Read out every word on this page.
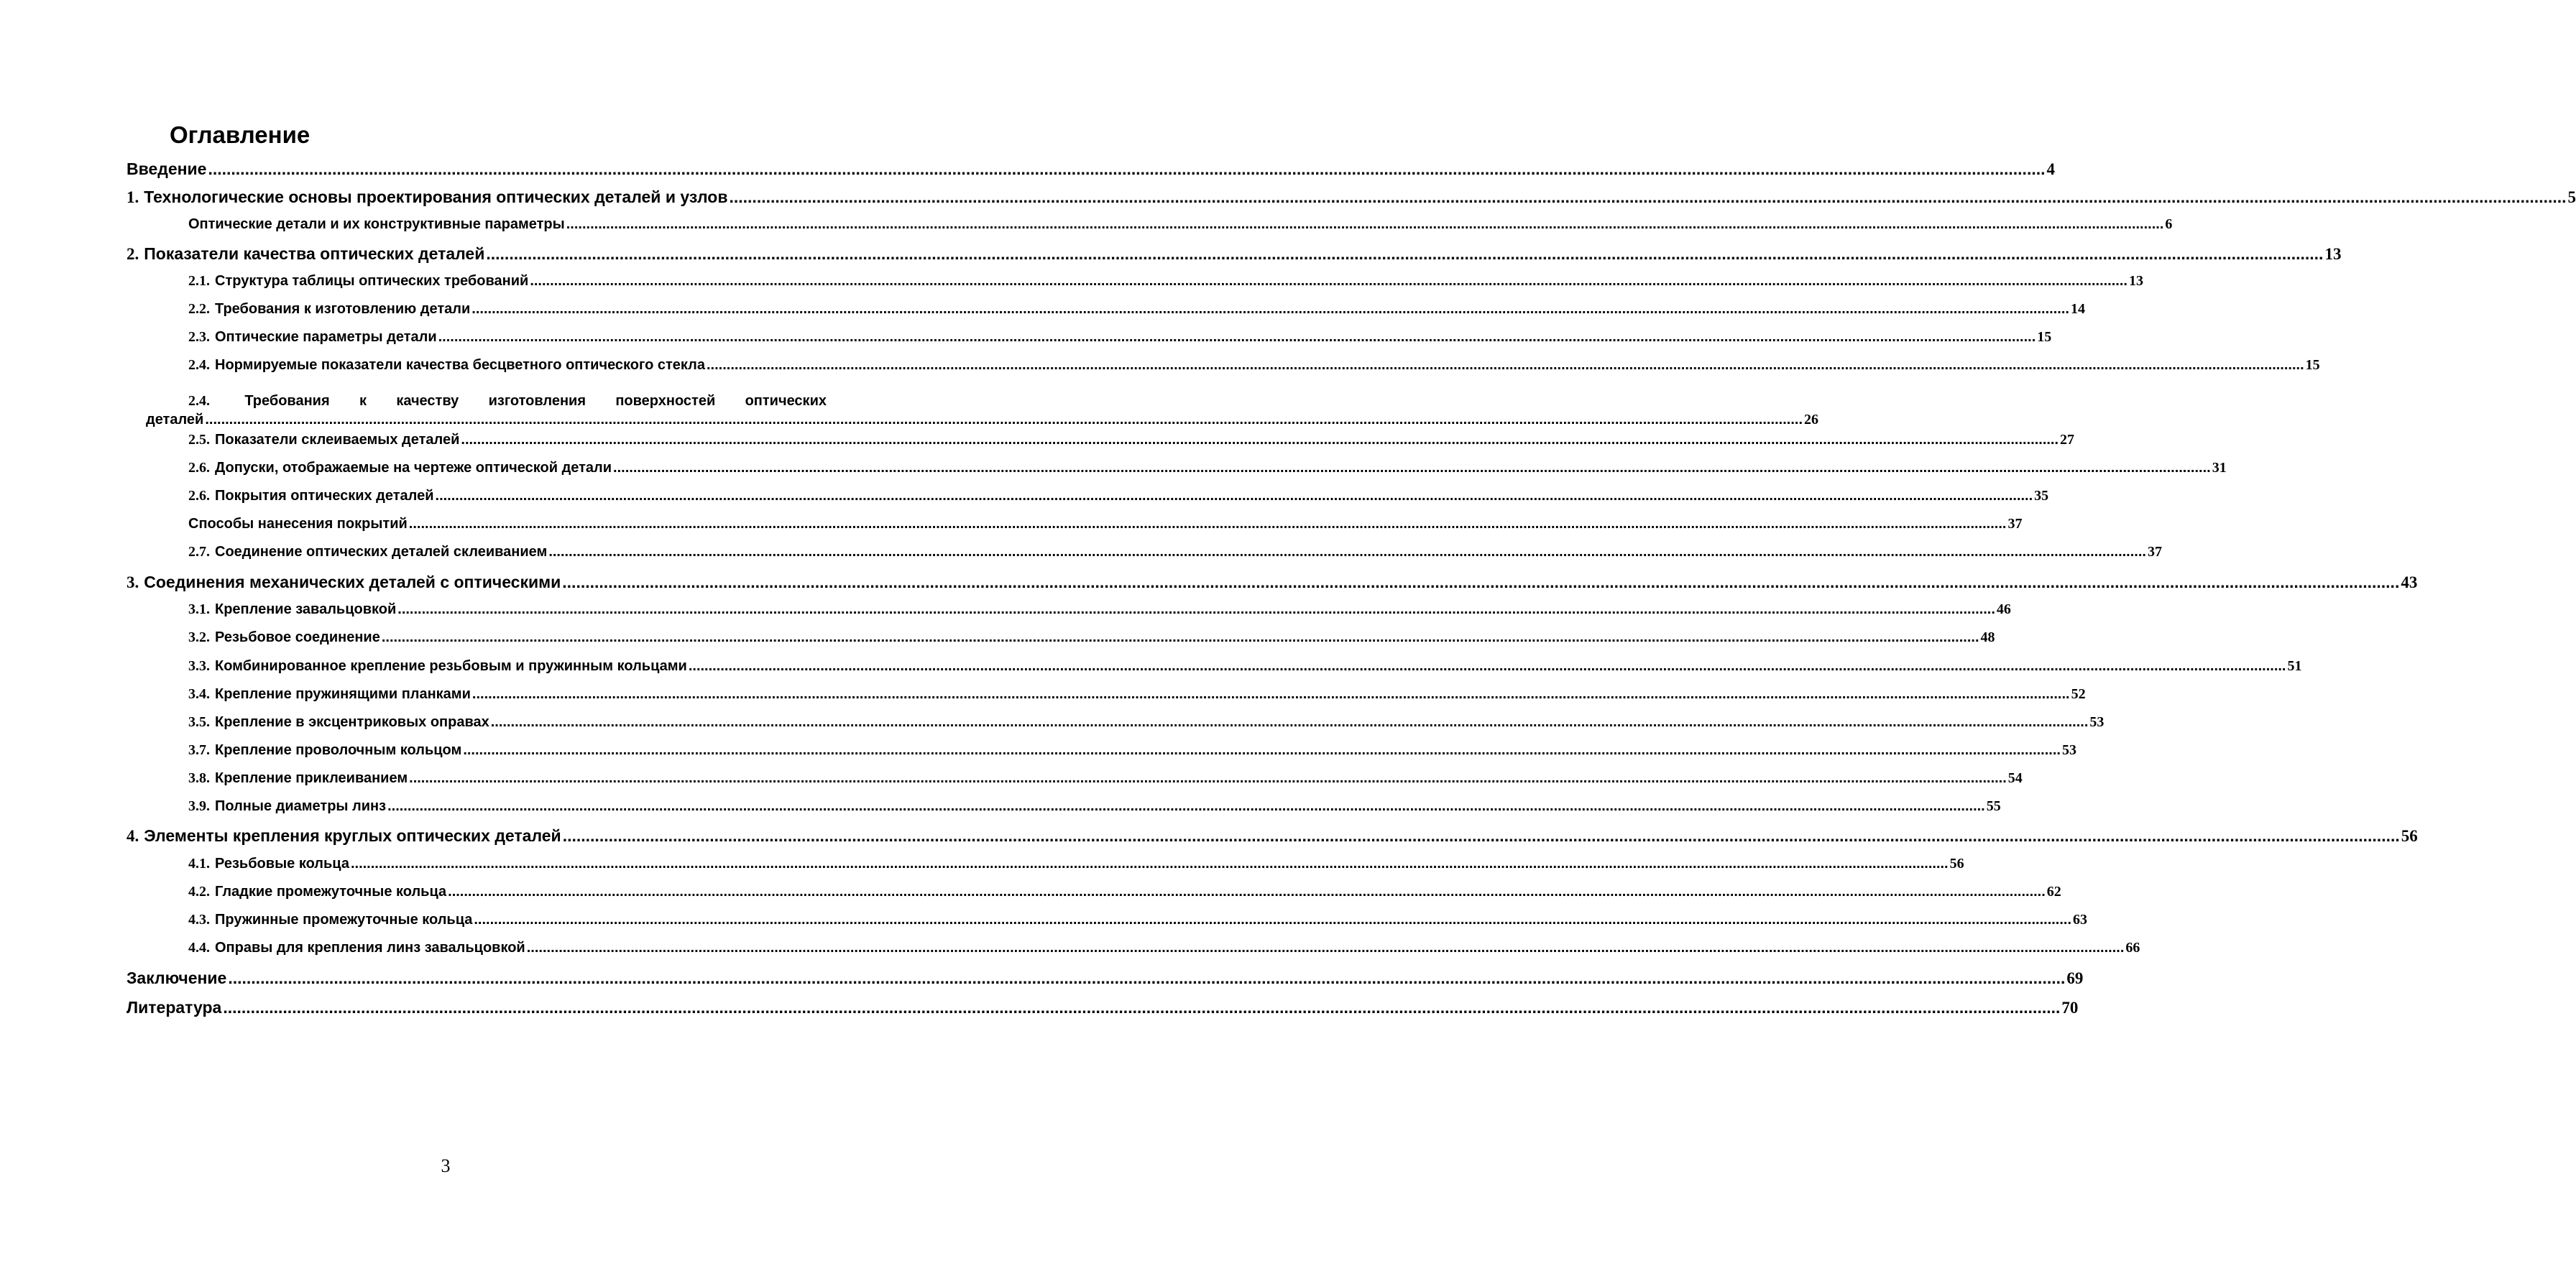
Оглавление
Введение ................................................................................................................................................................................................................................................................................................................................................................................................................ 4
1. Технологические основы проектирования оптических деталей и узлов ................................................................................................................................................................................................................................................................................................................................................................................................................ 5
Оптические детали и их конструктивные параметры ................................................................................................................................................................................................................................................................................................................................................................................................................ 6
2. Показатели качества оптических деталей ................................................................................................................................................................................................................................................................................................................................................................................................................ 13
2.1. Структура таблицы оптических требований ................................................................................................................................................................................................................................................................................................................................................................................................................ 13
2.2. Требования к изготовлению детали ................................................................................................................................................................................................................................................................................................................................................................................................................ 14
2.3. Оптические параметры детали ................................................................................................................................................................................................................................................................................................................................................................................................................ 15
2.4. Нормируемые показатели качества бесцветного оптического стекла ................................................................................................................................................................................................................................................................................................................................................................................................................ 15
2.4. Требования к качеству изготовления поверхностей оптических
деталей ................................................................................................................................................................................................................................................................................................................................................................................................................ 26
2.5. Показатели склеиваемых деталей ................................................................................................................................................................................................................................................................................................................................................................................................................ 27
2.6. Допуски, отображаемые на чертеже оптической детали ................................................................................................................................................................................................................................................................................................................................................................................................................ 31
2.6. Покрытия оптических деталей ................................................................................................................................................................................................................................................................................................................................................................................................................ 35
Способы нанесения покрытий ................................................................................................................................................................................................................................................................................................................................................................................................................ 37
2.7. Соединение оптических деталей склеиванием ................................................................................................................................................................................................................................................................................................................................................................................................................ 37
3. Соединения механических деталей с оптическими ................................................................................................................................................................................................................................................................................................................................................................................................................ 43
3.1. Крепление завальцовкой ................................................................................................................................................................................................................................................................................................................................................................................................................ 46
3.2. Резьбовое соединение ................................................................................................................................................................................................................................................................................................................................................................................................................ 48
3.3. Комбинированное крепление резьбовым и пружинным кольцами ................................................................................................................................................................................................................................................................................................................................................................................................................ 51
3.4. Крепление пружинящими планками ................................................................................................................................................................................................................................................................................................................................................................................................................ 52
3.5. Крепление в эксцентриковых оправах ................................................................................................................................................................................................................................................................................................................................................................................................................ 53
3.7. Крепление проволочным кольцом ................................................................................................................................................................................................................................................................................................................................................................................................................ 53
3.8. Крепление приклеиванием ................................................................................................................................................................................................................................................................................................................................................................................................................ 54
3.9. Полные диаметры линз ................................................................................................................................................................................................................................................................................................................................................................................................................ 55
4. Элементы крепления круглых оптических деталей ................................................................................................................................................................................................................................................................................................................................................................................................................ 56
4.1. Резьбовые кольца ................................................................................................................................................................................................................................................................................................................................................................................................................ 56
4.2. Гладкие промежуточные кольца ................................................................................................................................................................................................................................................................................................................................................................................................................ 62
4.3. Пружинные промежуточные кольца ................................................................................................................................................................................................................................................................................................................................................................................................................ 63
4.4. Оправы для крепления линз завальцовкой ................................................................................................................................................................................................................................................................................................................................................................................................................ 66
Заключение ................................................................................................................................................................................................................................................................................................................................................................................................................ 69
Литература ................................................................................................................................................................................................................................................................................................................................................................................................................ 70
3
